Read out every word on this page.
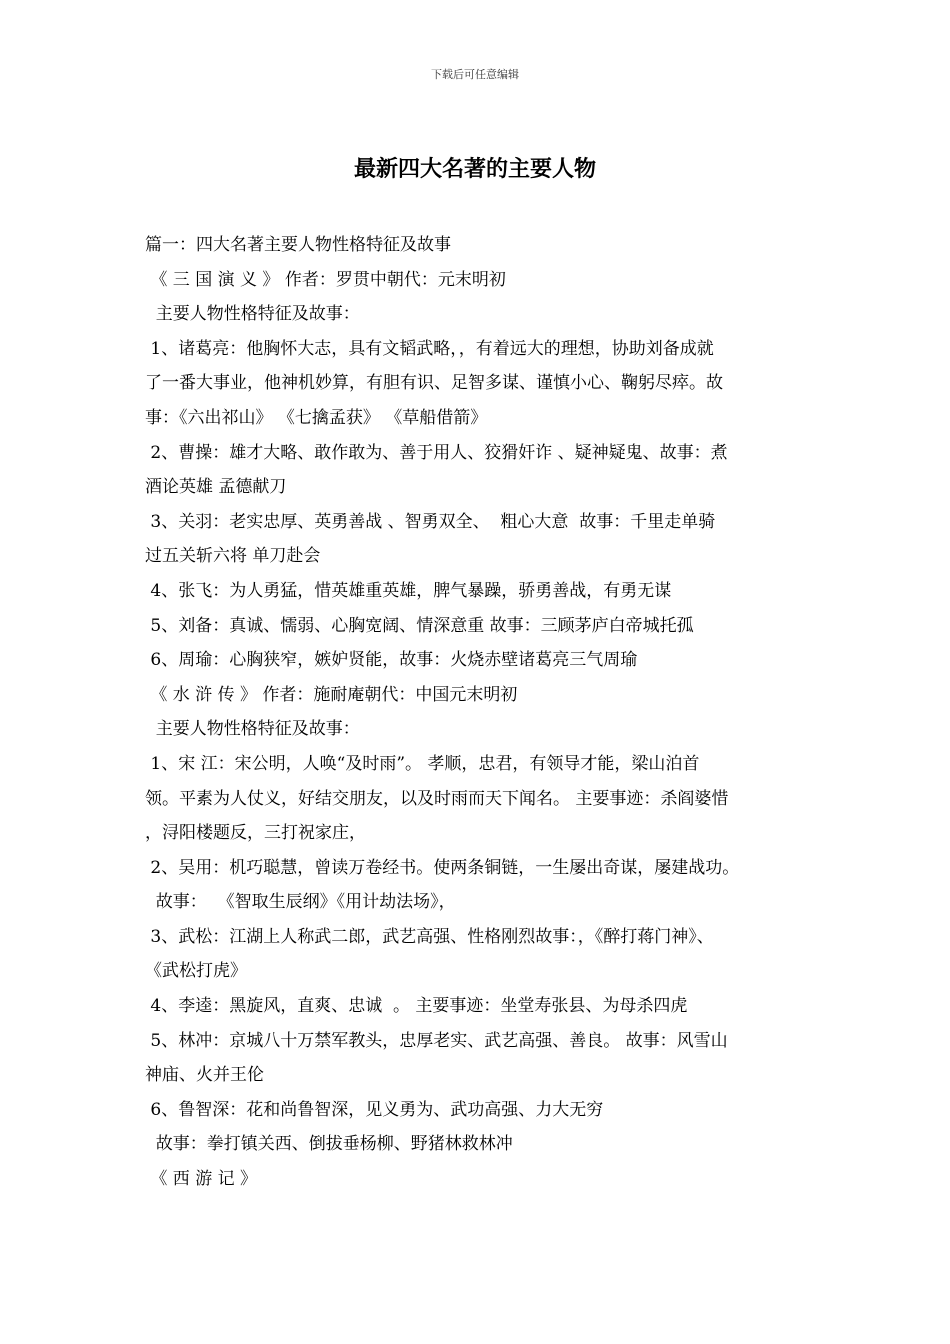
下载后可任意编辑
最新四大名著的主要人物
篇一：四大名著主要人物性格特征及故事
《 三 国 演 义 》 作者：罗贯中朝代：元末明初
主要人物性格特征及故事：
1、诸葛亮：他胸怀大志，具有文韬武略，，有着远大的理想，协助刘备成就
了一番大事业，他神机妙算，有胆有识、足智多谋、谨慎小心、鞠躬尽瘁。故
事：《六出祁山》 《七擒孟获》 《草船借箭》
2、曹操：雄才大略、敢作敢为、善于用人、狡猾奸诈 、疑神疑鬼、故事：煮
酒论英雄 孟德献刀
3、关羽：老实忠厚、英勇善战 、智勇双全、  粗心大意  故事：千里走单骑
过五关斩六将 单刀赴会
4、张飞：为人勇猛，惜英雄重英雄，脾气暴躁，骄勇善战，有勇无谋
5、刘备：真诚、懦弱、心胸宽阔、情深意重 故事：三顾茅庐白帝城托孤
6、周瑜：心胸狭窄，嫉妒贤能，故事：火烧赤壁诸葛亮三气周瑜
《 水 浒 传 》 作者：施耐庵朝代：中国元末明初
主要人物性格特征及故事：
1、宋 江：宋公明，人唤“及时雨”。 孝顺，忠君，有领导才能，梁山泊首
领。平素为人仗义，好结交朋友，以及时雨而天下闻名。 主要事迹：杀阎婆惜
，浔阳楼题反，三打祝家庄，
2、吴用：机巧聪慧，曾读万卷经书。使两条铜链，一生屡出奇谋，屡建战功。
故事：  《智取生辰纲》《用计劫法场》，
3、武松：江湖上人称武二郎，武艺高强、性格刚烈故事：，《醉打蒋门神》、
《武松打虎》
4、李逵：黑旋风，直爽、忠诚  。 主要事迹：坐堂寿张县、为母杀四虎
5、林冲：京城八十万禁军教头，忠厚老实、武艺高强、善良。 故事：风雪山
神庙、火并王伦
6、鲁智深：花和尚鲁智深，见义勇为、武功高强、力大无穷
故事：拳打镇关西、倒拔垂杨柳、野猪林救林冲
《 西 游 记 》
